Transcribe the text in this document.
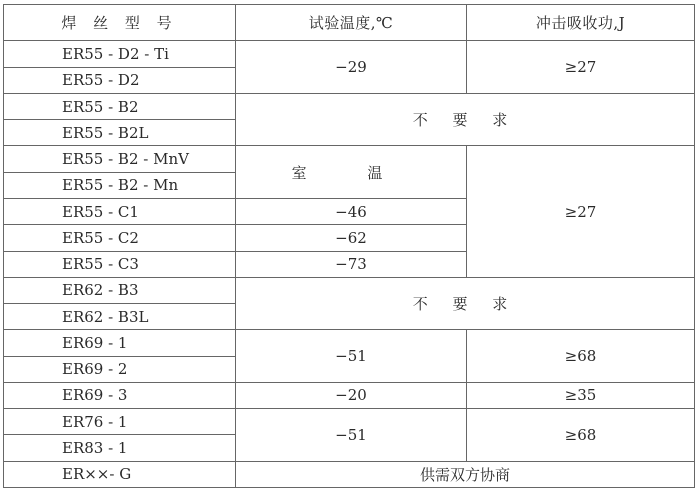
焊 丝 型 号	试验温度,℃	冲击吸收功,J
ER55 - D2 - Ti	−29	≥27
ER55 - D2		
ER55 - B2	不 要 求	
ER55 - B2L		
ER55 - B2 - MnV	室 温	≥27
ER55 - B2 - Mn		
ER55 - C1	−46	
ER55 - C2	−62	
ER55 - C3	−73	
ER62 - B3	不 要 求	
ER62 - B3L		
ER69 - 1	−51	≥68
ER69 - 2		
ER69 - 3	−20	≥35
ER76 - 1	−51	≥68
ER83 - 1		
ER××- G	供需双方协商	
